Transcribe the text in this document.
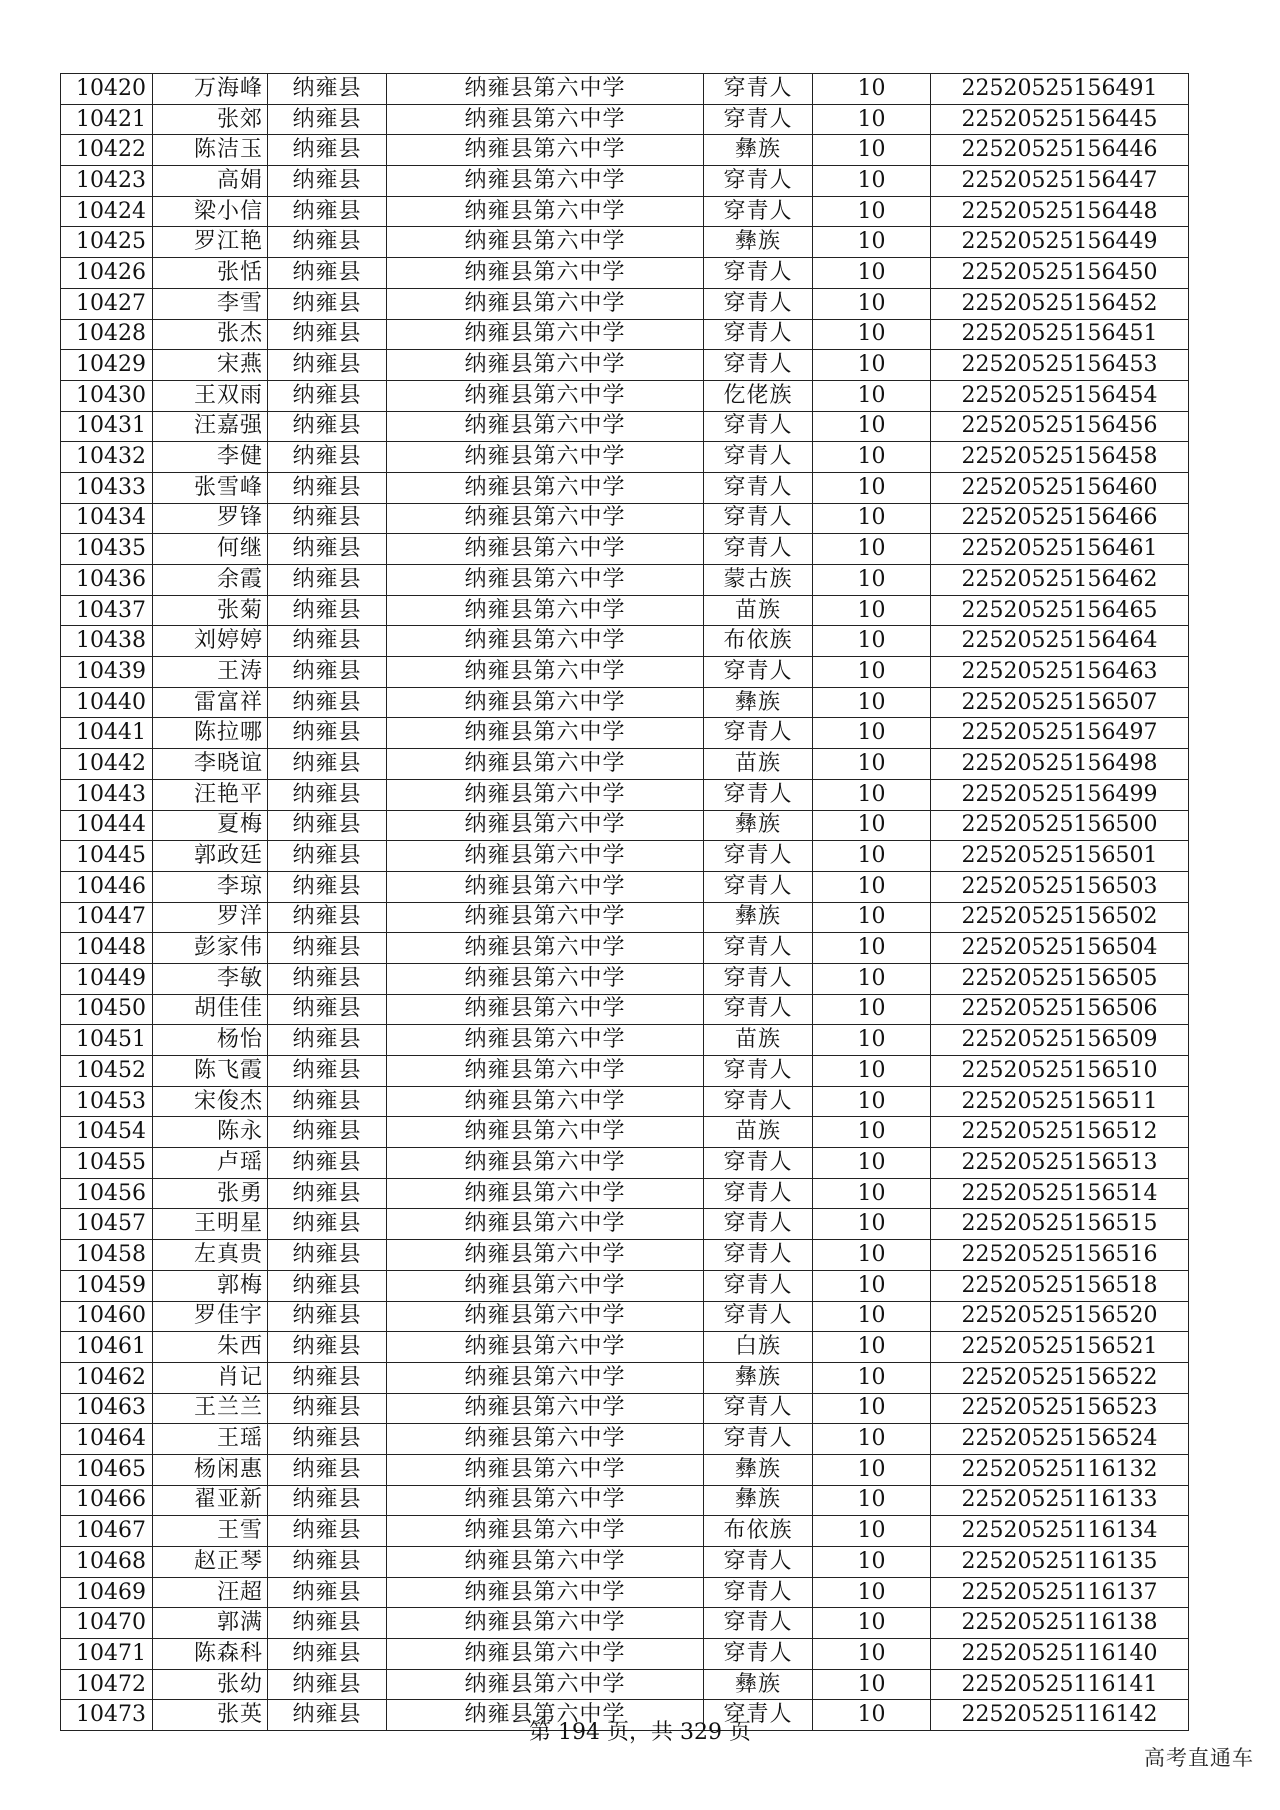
10420	万海峰	纳雍县	纳雍县第六中学	穿青人	10	22520525156491
10421	张郊	纳雍县	纳雍县第六中学	穿青人	10	22520525156445
10422	陈洁玉	纳雍县	纳雍县第六中学	彝族	10	22520525156446
10423	高娟	纳雍县	纳雍县第六中学	穿青人	10	22520525156447
10424	梁小信	纳雍县	纳雍县第六中学	穿青人	10	22520525156448
10425	罗江艳	纳雍县	纳雍县第六中学	彝族	10	22520525156449
10426	张恬	纳雍县	纳雍县第六中学	穿青人	10	22520525156450
10427	李雪	纳雍县	纳雍县第六中学	穿青人	10	22520525156452
10428	张杰	纳雍县	纳雍县第六中学	穿青人	10	22520525156451
10429	宋燕	纳雍县	纳雍县第六中学	穿青人	10	22520525156453
10430	王双雨	纳雍县	纳雍县第六中学	仡佬族	10	22520525156454
10431	汪嘉强	纳雍县	纳雍县第六中学	穿青人	10	22520525156456
10432	李健	纳雍县	纳雍县第六中学	穿青人	10	22520525156458
10433	张雪峰	纳雍县	纳雍县第六中学	穿青人	10	22520525156460
10434	罗锋	纳雍县	纳雍县第六中学	穿青人	10	22520525156466
10435	何继	纳雍县	纳雍县第六中学	穿青人	10	22520525156461
10436	余霞	纳雍县	纳雍县第六中学	蒙古族	10	22520525156462
10437	张菊	纳雍县	纳雍县第六中学	苗族	10	22520525156465
10438	刘婷婷	纳雍县	纳雍县第六中学	布依族	10	22520525156464
10439	王涛	纳雍县	纳雍县第六中学	穿青人	10	22520525156463
10440	雷富祥	纳雍县	纳雍县第六中学	彝族	10	22520525156507
10441	陈拉哪	纳雍县	纳雍县第六中学	穿青人	10	22520525156497
10442	李晓谊	纳雍县	纳雍县第六中学	苗族	10	22520525156498
10443	汪艳平	纳雍县	纳雍县第六中学	穿青人	10	22520525156499
10444	夏梅	纳雍县	纳雍县第六中学	彝族	10	22520525156500
10445	郭政廷	纳雍县	纳雍县第六中学	穿青人	10	22520525156501
10446	李琼	纳雍县	纳雍县第六中学	穿青人	10	22520525156503
10447	罗洋	纳雍县	纳雍县第六中学	彝族	10	22520525156502
10448	彭家伟	纳雍县	纳雍县第六中学	穿青人	10	22520525156504
10449	李敏	纳雍县	纳雍县第六中学	穿青人	10	22520525156505
10450	胡佳佳	纳雍县	纳雍县第六中学	穿青人	10	22520525156506
10451	杨怡	纳雍县	纳雍县第六中学	苗族	10	22520525156509
10452	陈飞霞	纳雍县	纳雍县第六中学	穿青人	10	22520525156510
10453	宋俊杰	纳雍县	纳雍县第六中学	穿青人	10	22520525156511
10454	陈永	纳雍县	纳雍县第六中学	苗族	10	22520525156512
10455	卢瑶	纳雍县	纳雍县第六中学	穿青人	10	22520525156513
10456	张勇	纳雍县	纳雍县第六中学	穿青人	10	22520525156514
10457	王明星	纳雍县	纳雍县第六中学	穿青人	10	22520525156515
10458	左真贵	纳雍县	纳雍县第六中学	穿青人	10	22520525156516
10459	郭梅	纳雍县	纳雍县第六中学	穿青人	10	22520525156518
10460	罗佳宇	纳雍县	纳雍县第六中学	穿青人	10	22520525156520
10461	朱西	纳雍县	纳雍县第六中学	白族	10	22520525156521
10462	肖记	纳雍县	纳雍县第六中学	彝族	10	22520525156522
10463	王兰兰	纳雍县	纳雍县第六中学	穿青人	10	22520525156523
10464	王瑶	纳雍县	纳雍县第六中学	穿青人	10	22520525156524
10465	杨闲惠	纳雍县	纳雍县第六中学	彝族	10	22520525116132
10466	翟亚新	纳雍县	纳雍县第六中学	彝族	10	22520525116133
10467	王雪	纳雍县	纳雍县第六中学	布依族	10	22520525116134
10468	赵正琴	纳雍县	纳雍县第六中学	穿青人	10	22520525116135
10469	汪超	纳雍县	纳雍县第六中学	穿青人	10	22520525116137
10470	郭满	纳雍县	纳雍县第六中学	穿青人	10	22520525116138
10471	陈森科	纳雍县	纳雍县第六中学	穿青人	10	22520525116140
10472	张幼	纳雍县	纳雍县第六中学	彝族	10	22520525116141
10473	张英	纳雍县	纳雍县第六中学	穿青人	10	22520525116142
第 194 页，共 329 页
高考直通车
